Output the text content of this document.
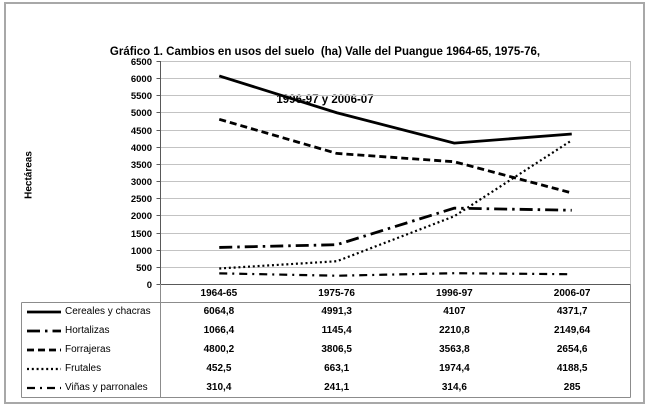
Gráfico 1. Cambios en usos del suelo  (ha) Valle del Puangue 1964-65, 1975-76,

1996-97 y 2006-07

Hectáreas
0
500
1000
1500
2000
2500
3000
3500
4000
4500
5000
5500
6000
6500
1964-65	1975-76	1996-97	2006-07
Cereales y chacras	6064,8	4991,3	4107	4371,7
Hortalizas	1066,4	1145,4	2210,8	2149,64
Forrajeras	4800,2	3806,5	3563,8	2654,6
Frutales	452,5	663,1	1974,4	4188,5
Viñas y parronales	310,4	241,1	314,6	285
